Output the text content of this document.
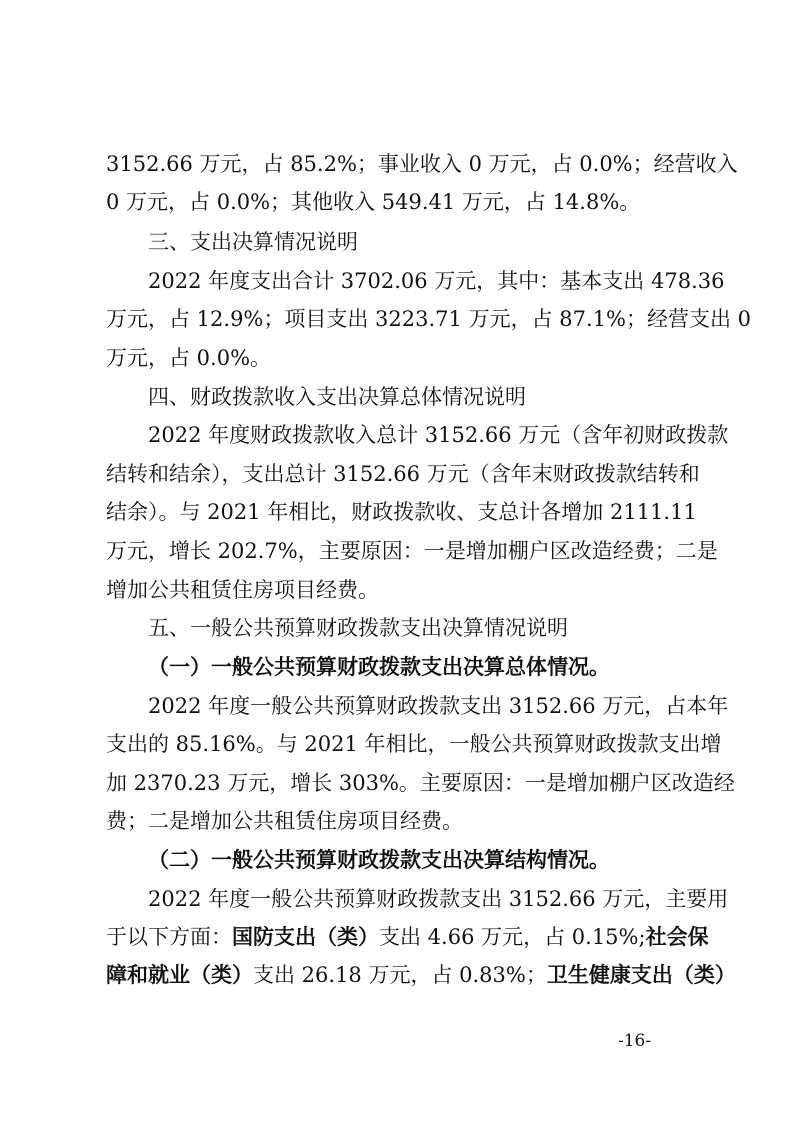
3152.66 万元，占 85.2%；事业收入 0 万元，占 0.0%；经营收入
0 万元，占 0.0%；其他收入 549.41 万元，占 14.8%。
三、支出决算情况说明
2022 年度支出合计 3702.06 万元，其中：基本支出 478.36
万元，占 12.9%；项目支出 3223.71 万元，占 87.1%；经营支出 0
万元，占 0.0%。
四、财政拨款收入支出决算总体情况说明
2022 年度财政拨款收入总计 3152.66 万元（含年初财政拨款
结转和结余），支出总计 3152.66 万元（含年末财政拨款结转和
结余）。与 2021 年相比，财政拨款收、支总计各增加 2111.11
万元，增长 202.7%，主要原因：一是增加棚户区改造经费；二是
增加公共租赁住房项目经费。
五、一般公共预算财政拨款支出决算情况说明
（一）一般公共预算财政拨款支出决算总体情况。
2022 年度一般公共预算财政拨款支出 3152.66 万元，占本年
支出的 85.16%。与 2021 年相比，一般公共预算财政拨款支出增
加 2370.23 万元，增长 303%。主要原因：一是增加棚户区改造经
费；二是增加公共租赁住房项目经费。
（二）一般公共预算财政拨款支出决算结构情况。
2022 年度一般公共预算财政拨款支出 3152.66 万元，主要用
于以下方面：国防支出（类）支出 4.66 万元，占 0.15%;社会保
障和就业（类）支出 26.18 万元，占 0.83%；卫生健康支出（类）
-16-
